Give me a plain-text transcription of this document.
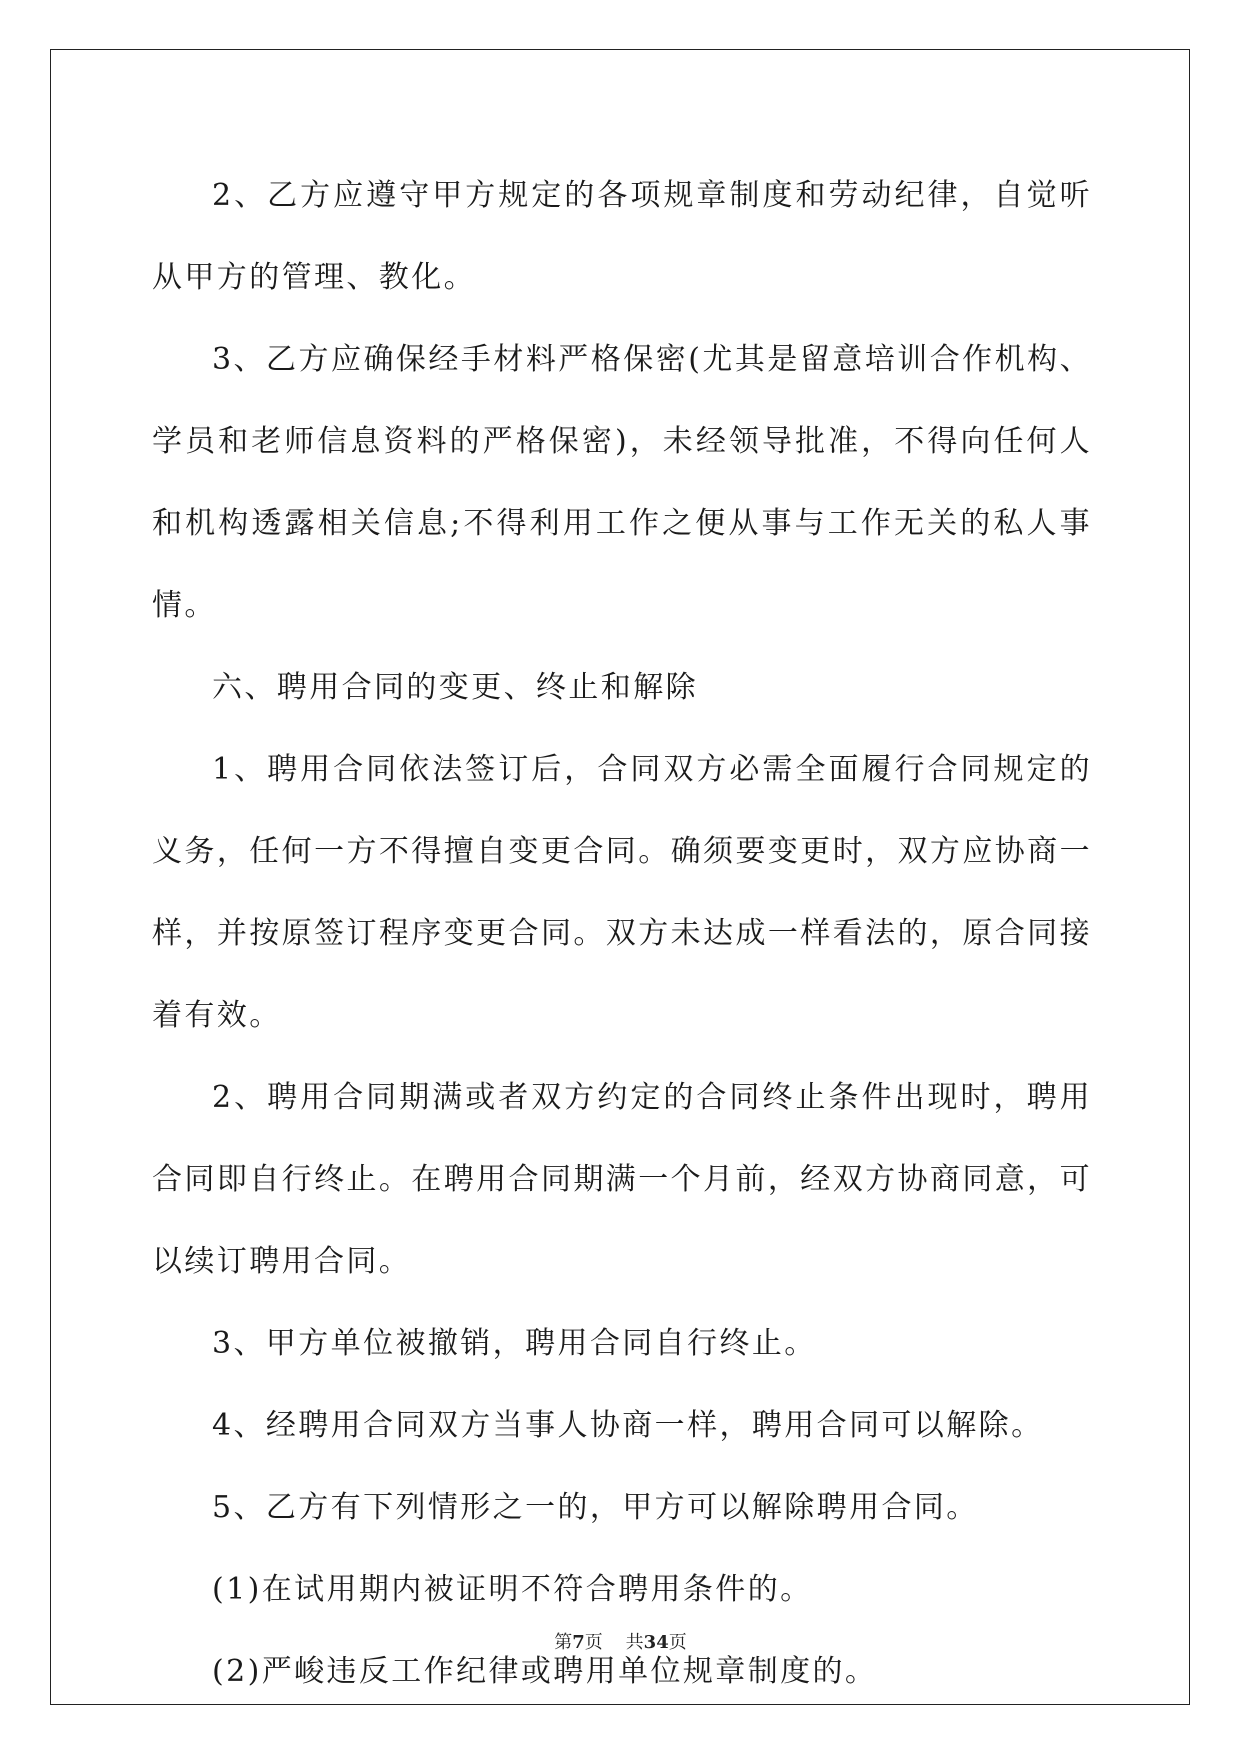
2、乙方应遵守甲方规定的各项规章制度和劳动纪律，自觉听从甲方的管理、教化。

3、乙方应确保经手材料严格保密(尤其是留意培训合作机构、学员和老师信息资料的严格保密)，未经领导批准，不得向任何人和机构透露相关信息;不得利用工作之便从事与工作无关的私人事情。

六、聘用合同的变更、终止和解除

1、聘用合同依法签订后，合同双方必需全面履行合同规定的义务，任何一方不得擅自变更合同。确须要变更时，双方应协商一样，并按原签订程序变更合同。双方未达成一样看法的，原合同接着有效。

2、聘用合同期满或者双方约定的合同终止条件出现时，聘用合同即自行终止。在聘用合同期满一个月前，经双方协商同意，可以续订聘用合同。

3、甲方单位被撤销，聘用合同自行终止。

4、经聘用合同双方当事人协商一样，聘用合同可以解除。

5、乙方有下列情形之一的，甲方可以解除聘用合同。

(1)在试用期内被证明不符合聘用条件的。

(2)严峻违反工作纪律或聘用单位规章制度的。

第7页 共34页
